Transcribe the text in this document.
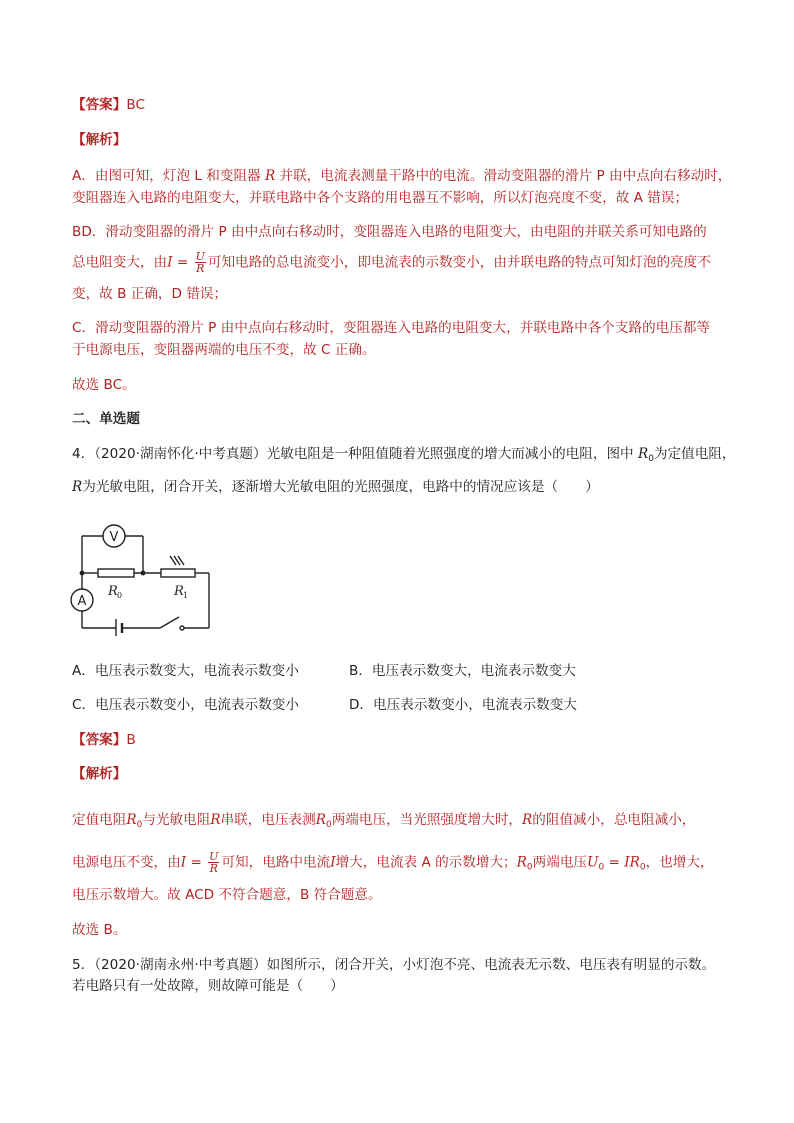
【答案】BC
【解析】
A．由图可知，灯泡 L 和变阻器 R 并联，电流表测量干路中的电流。滑动变阻器的滑片 P 由中点向右移动时，
变阻器连入电路的电阻变大，并联电路中各个支路的用电器互不影响，所以灯泡亮度不变，故 A 错误；
BD．滑动变阻器的滑片 P 由中点向右移动时，变阻器连入电路的电阻变大，由电阻的并联关系可知电路的
总电阻变大，由$I = \frac{U}{R}$ 可知电路的总电流变小，即电流表的示数变小，由并联电路的特点可知灯泡的亮度不
变，故 B 正确，D 错误；
C．滑动变阻器的滑片 P 由中点向右移动时，变阻器连入电路的电阻变大，并联电路中各个支路的电压都等
于电源电压，变阻器两端的电压不变，故 C 正确。
故选 BC。
二、单选题
4．（2020·湖南怀化·中考真题）光敏电阻是一种阻值随着光照强度的增大而减小的电阻，图中 $R_0$为定值电阻，
R为光敏电阻，闭合开关，逐渐增大光敏电阻的光照强度，电路中的情况应该是（　　）
V
A
R 0	R 1
A．电压表示数变大，电流表示数变小	B．电压表示数变大，电流表示数变大
C．电压表示数变小，电流表示数变小	D．电压表示数变小，电流表示数变大
【答案】B
【解析】
定值电阻$R_0$与光敏电阻R串联，电压表测$R_0$两端电压，当光照强度增大时，R的阻值减小，总电阻减小，
电源电压不变，由$I = \frac{U}{R}$ 可知，电路中电流I增大，电流表 A 的示数增大；$R_0$两端电压$U_0 = IR_0$，也增大，
电压示数增大。故 ACD 不符合题意，B 符合题意。
故选 B。
5．（2020·湖南永州·中考真题）如图所示，闭合开关，小灯泡不亮、电流表无示数、电压表有明显的示数。
若电路只有一处故障，则故障可能是（　　）
